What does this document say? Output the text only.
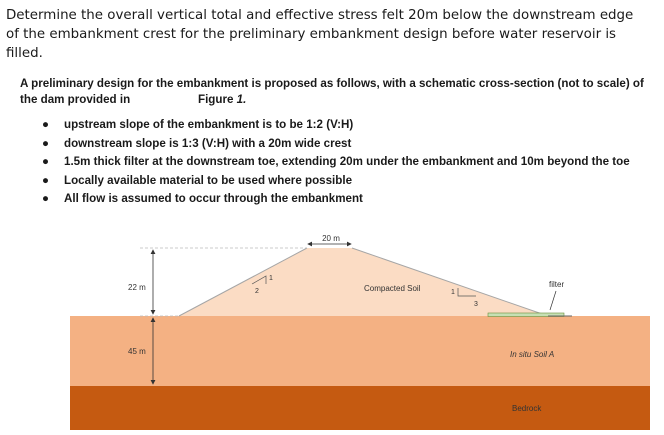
Determine the overall vertical total and effective stress felt 20m below the downstream edge of the embankment crest for the preliminary embankment design before water reservoir is filled.

A preliminary design for the embankment is proposed as follows, with a schematic cross-section (not to scale) of
the dam provided in	Figure 1.
● upstream slope of the embankment is to be 1:2 (V:H)
● downstream slope is 1:3 (V:H) with a 20m wide crest
● 1.5m thick filter at the downstream toe, extending 20m under the embankment and 10m beyond the toe
● Locally available material to be used where possible
● All flow is assumed to occur through the embankment
20 m
22 m
45 m
1
2	1
3
Compacted Soil	filter
In situ Soil A
Bedrock
